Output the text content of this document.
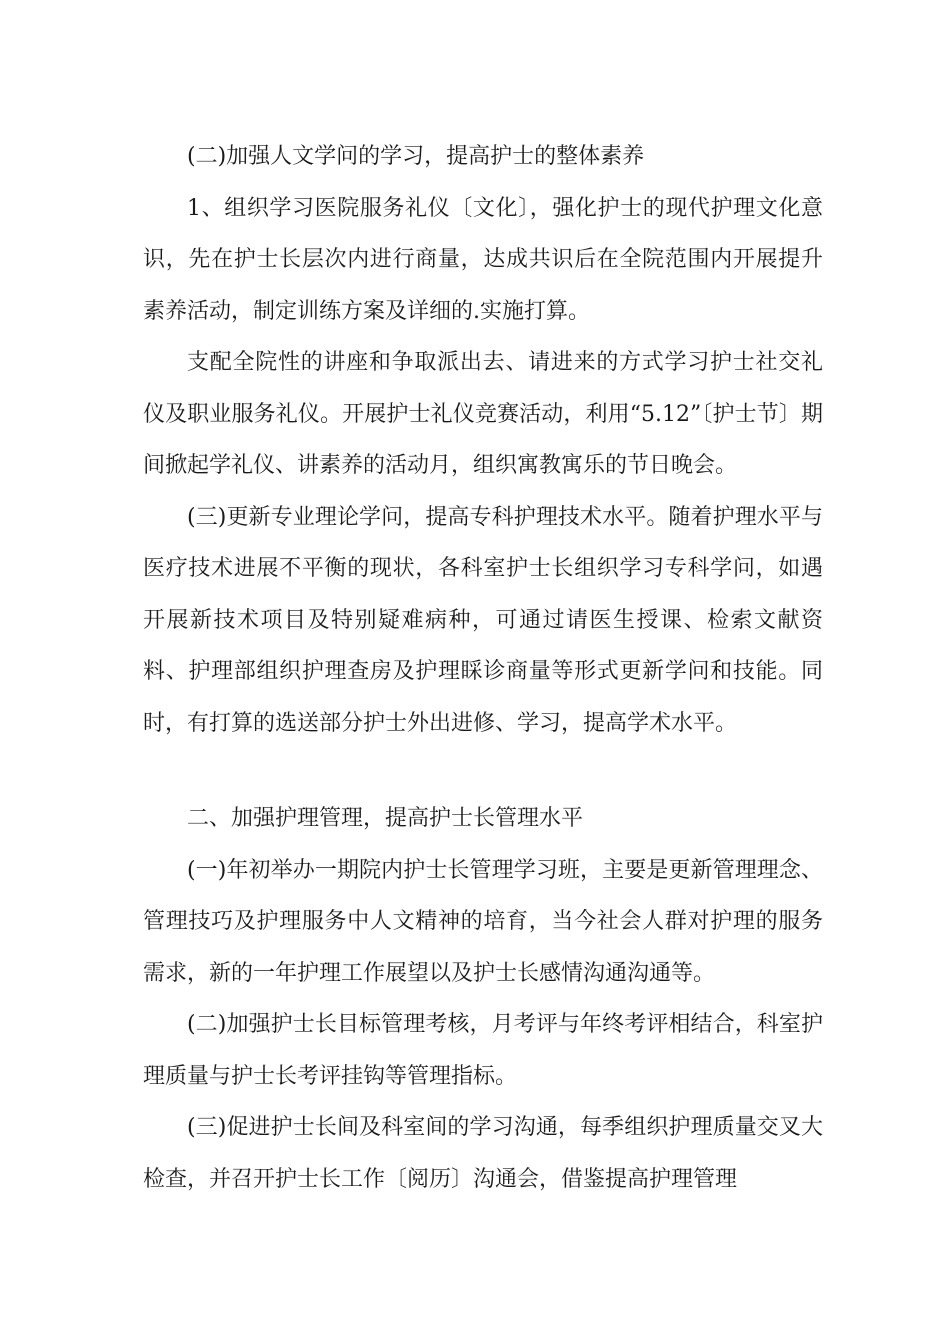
(二)加强人文学问的学习，提高护士的整体素养

1、组织学习医院服务礼仪〔文化〕，强化护士的现代护理文化意识，先在护士长层次内进行商量，达成共识后在全院范围内开展提升素养活动，制定训练方案及详细的.实施打算。

支配全院性的讲座和争取派出去、请进来的方式学习护士社交礼仪及职业服务礼仪。开展护士礼仪竞赛活动，利用“5.12”〔护士节〕期间掀起学礼仪、讲素养的活动月，组织寓教寓乐的节日晚会。

(三)更新专业理论学问，提高专科护理技术水平。随着护理水平与医疗技术进展不平衡的现状，各科室护士长组织学习专科学问，如遇开展新技术项目及特别疑难病种，可通过请医生授课、检索文献资料、护理部组织护理查房及护理睬诊商量等形式更新学问和技能。同时，有打算的选送部分护士外出进修、学习，提高学术水平。

二、加强护理管理，提高护士长管理水平

(一)年初举办一期院内护士长管理学习班，主要是更新管理理念、管理技巧及护理服务中人文精神的培育，当今社会人群对护理的服务需求，新的一年护理工作展望以及护士长感情沟通沟通等。

(二)加强护士长目标管理考核，月考评与年终考评相结合，科室护理质量与护士长考评挂钩等管理指标。

(三)促进护士长间及科室间的学习沟通，每季组织护理质量交叉大检查，并召开护士长工作〔阅历〕沟通会，借鉴提高护理管理
